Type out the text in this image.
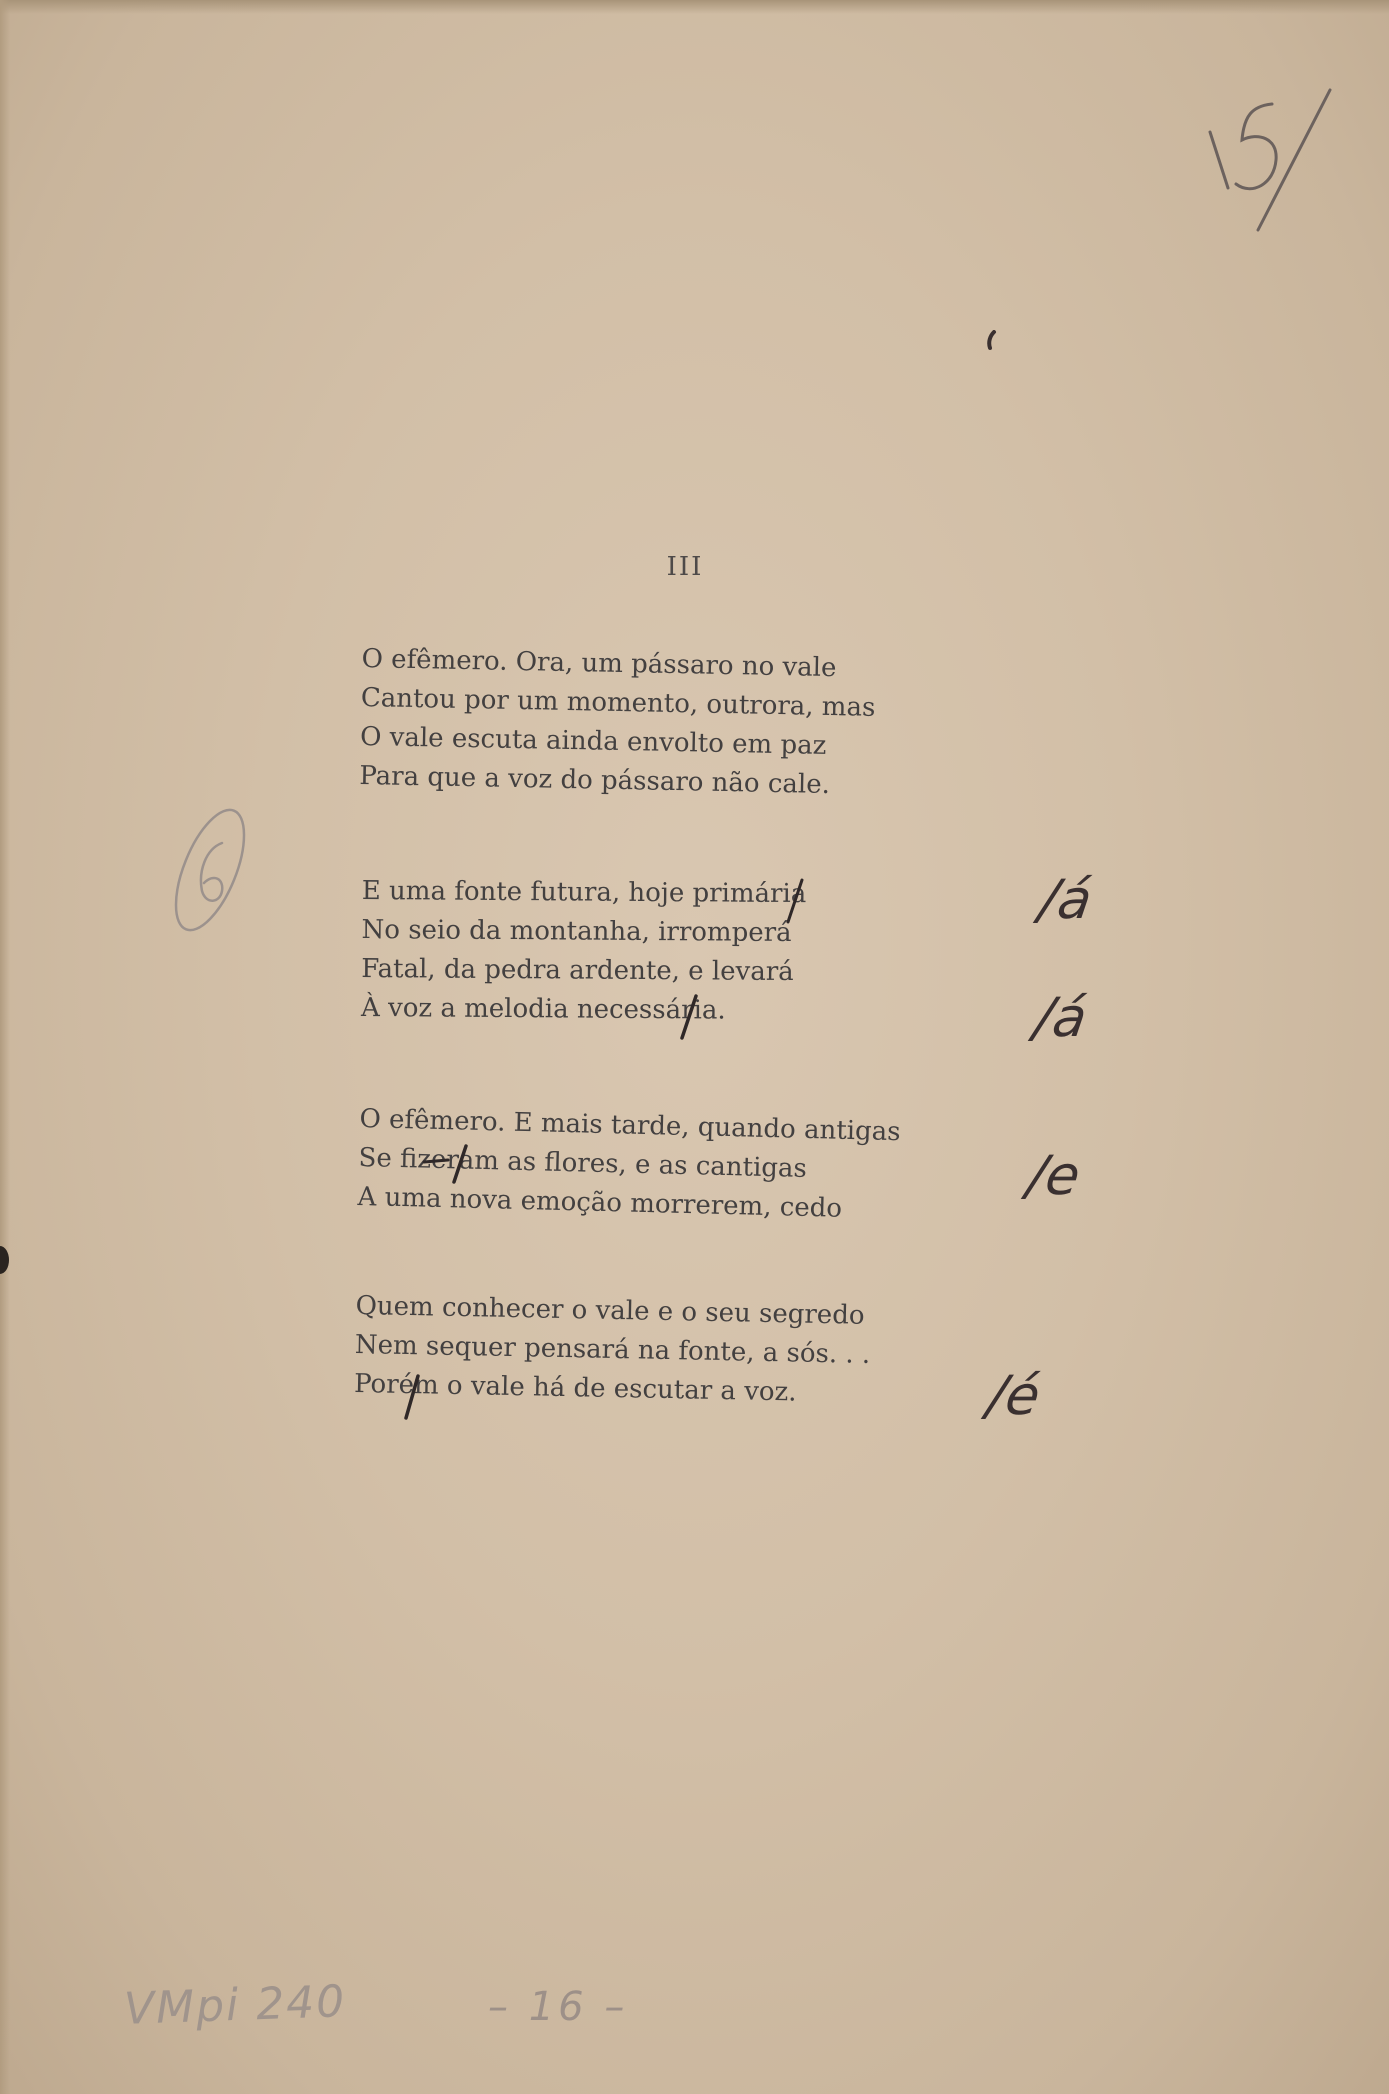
III
O efêmero. Ora, um pássaro no vale
Cantou por um momento, outrora, mas
O vale escuta ainda envolto em paz
Para que a voz do pássaro não cale.
E uma fonte futura, hoje primária
No seio da montanha, irromperá
Fatal, da pedra ardente, e levará
À voz a melodia necessária.
O efêmero. E mais tarde, quando antigas
Se fizeram as flores, e as cantigas
A uma nova emoção morrerem, cedo
Quem conhecer o vale e o seu segredo
Nem sequer pensará na fonte, a sós. . .
Porém o vale há de escutar a voz.
/á
/á
/e
/é
VMpi 240	– 16 –
